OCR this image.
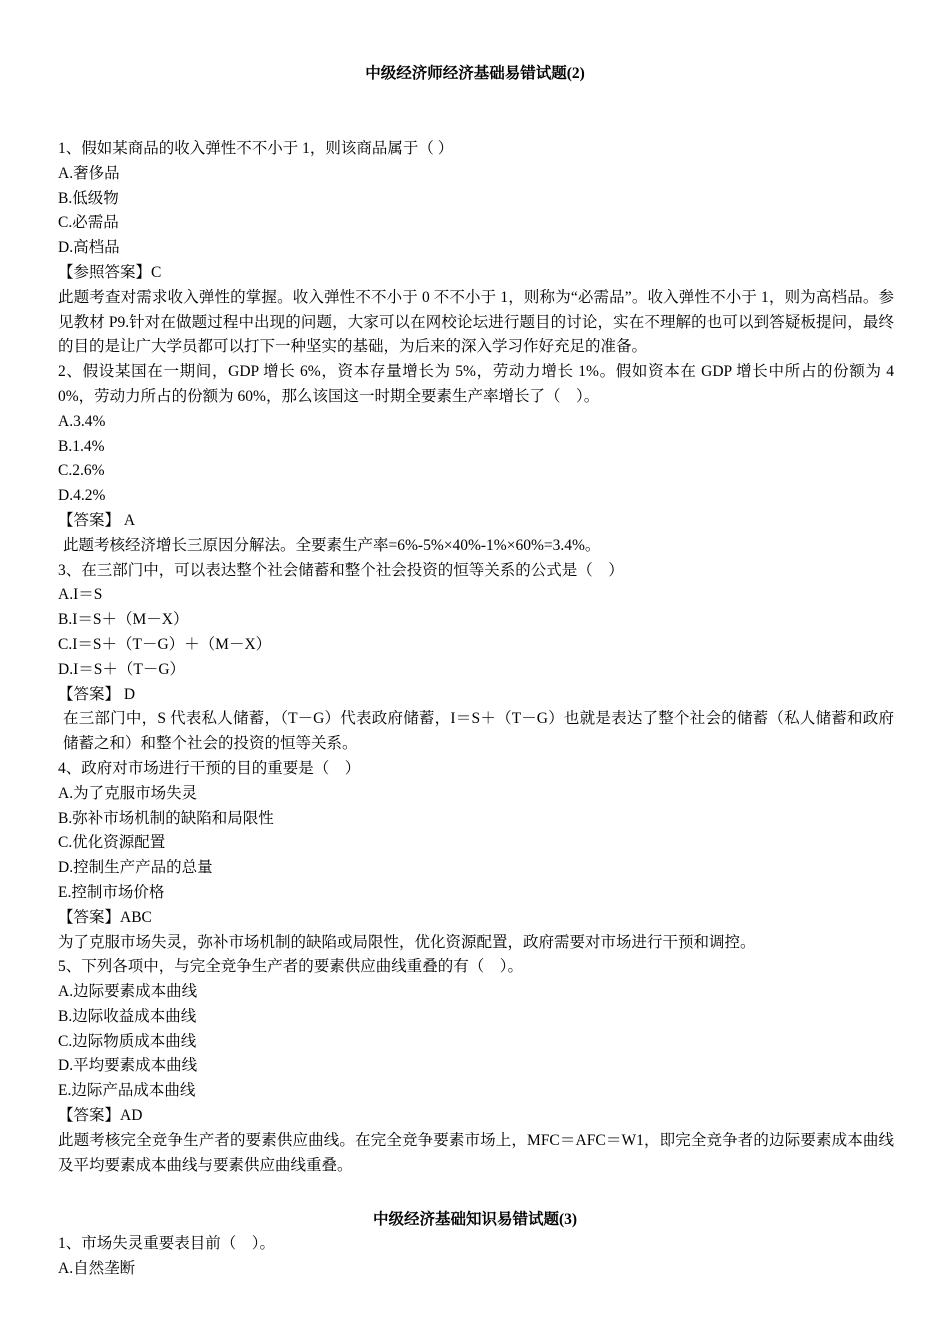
中级经济师经济基础易错试题(2)

1、假如某商品的收入弹性不不小于 1，则该商品属于（ ）

A.奢侈品

B.低级物

C.必需品

D.高档品

【参照答案】C

此题考查对需求收入弹性的掌握。收入弹性不不小于 0 不不小于 1，则称为“必需品”。收入弹性不小于 1，则为高档品。参见教材 P9.针对在做题过程中出现的问题，大家可以在网校论坛进行题目的讨论，实在不理解的也可以到答疑板提问，最终的目的是让广大学员都可以打下一种坚实的基础，为后来的深入学习作好充足的准备。

2、假设某国在一期间，GDP 增长 6%，资本存量增长为 5%，劳动力增长 1%。假如资本在 GDP 增长中所占的份额为 40%，劳动力所占的份额为 60%，那么该国这一时期全要素生产率增长了（　）。

A.3.4%

B.1.4%

C.2.6%

D.4.2%

【答案】 A

此题考核经济增长三原因分解法。全要素生产率=6%-5%×40%-1%×60%=3.4%。

3、在三部门中，可以表达整个社会储蓄和整个社会投资的恒等关系的公式是（　）

A.I＝S

B.I＝S＋（M－X）

C.I＝S＋（T－G）＋（M－X）

D.I＝S＋（T－G）

【答案】 D

在三部门中，S 代表私人储蓄，（T－G）代表政府储蓄，I＝S＋（T－G）也就是表达了整个社会的储蓄（私人储蓄和政府储蓄之和）和整个社会的投资的恒等关系。

4、政府对市场进行干预的目的重要是（　）

A.为了克服市场失灵

B.弥补市场机制的缺陷和局限性

C.优化资源配置

D.控制生产产品的总量

E.控制市场价格

【答案】ABC

为了克服市场失灵，弥补市场机制的缺陷或局限性，优化资源配置，政府需要对市场进行干预和调控。

5、下列各项中，与完全竞争生产者的要素供应曲线重叠的有（　）。

A.边际要素成本曲线

B.边际收益成本曲线

C.边际物质成本曲线

D.平均要素成本曲线

E.边际产品成本曲线

【答案】AD

此题考核完全竞争生产者的要素供应曲线。在完全竞争要素市场上，MFC＝AFC＝W1，即完全竞争者的边际要素成本曲线及平均要素成本曲线与要素供应曲线重叠。

中级经济基础知识易错试题(3)

1、市场失灵重要表目前（　）。

A.自然垄断
